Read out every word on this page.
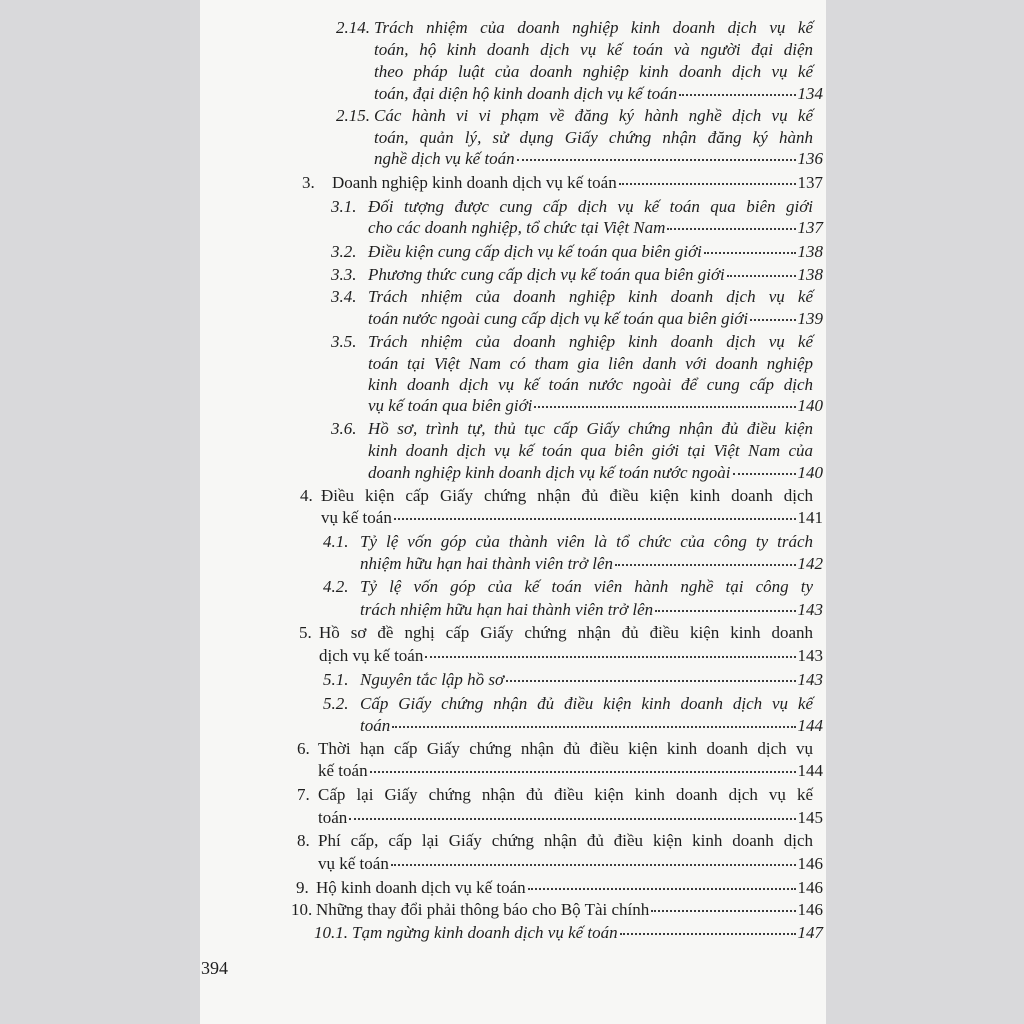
2.14. Trách nhiệm của doanh nghiệp kinh doanh dịch vụ kế
toán, hộ kinh doanh dịch vụ kế toán và người đại diện
theo pháp luật của doanh nghiệp kinh doanh dịch vụ kế
toán, đại diện hộ kinh doanh dịch vụ kế toán	134
2.15. Các hành vi vi phạm về đăng ký hành nghề dịch vụ kế
toán, quản lý, sử dụng Giấy chứng nhận đăng ký hành
nghề dịch vụ kế toán	136
3. Doanh nghiệp kinh doanh dịch vụ kế toán	137
3.1. Đối tượng được cung cấp dịch vụ kế toán qua biên giới
cho các doanh nghiệp, tổ chức tại Việt Nam	137
3.2. Điều kiện cung cấp dịch vụ kế toán qua biên giới	138
3.3. Phương thức cung cấp dịch vụ kế toán qua biên giới	138
3.4. Trách nhiệm của doanh nghiệp kinh doanh dịch vụ kế
toán nước ngoài cung cấp dịch vụ kế toán qua biên giới	139
3.5. Trách nhiệm của doanh nghiệp kinh doanh dịch vụ kế
toán tại Việt Nam có tham gia liên danh với doanh nghiệp
kinh doanh dịch vụ kế toán nước ngoài để cung cấp dịch
vụ kế toán qua biên giới	140
3.6. Hồ sơ, trình tự, thủ tục cấp Giấy chứng nhận đủ điều kiện
kinh doanh dịch vụ kế toán qua biên giới tại Việt Nam của
doanh nghiệp kinh doanh dịch vụ kế toán nước ngoài	140
4. Điều kiện cấp Giấy chứng nhận đủ điều kiện kinh doanh dịch
vụ kế toán	141
4.1. Tỷ lệ vốn góp của thành viên là tổ chức của công ty trách
nhiệm hữu hạn hai thành viên trở lên	142
4.2. Tỷ lệ vốn góp của kế toán viên hành nghề tại công ty
trách nhiệm hữu hạn hai thành viên trở lên	143
5. Hồ sơ đề nghị cấp Giấy chứng nhận đủ điều kiện kinh doanh
dịch vụ kế toán	143
5.1. Nguyên tắc lập hồ sơ	143
5.2. Cấp Giấy chứng nhận đủ điều kiện kinh doanh dịch vụ kế
toán	144
6. Thời hạn cấp Giấy chứng nhận đủ điều kiện kinh doanh dịch vụ
kế toán	144
7. Cấp lại Giấy chứng nhận đủ điều kiện kinh doanh dịch vụ kế
toán	145
8. Phí cấp, cấp lại Giấy chứng nhận đủ điều kiện kinh doanh dịch
vụ kế toán	146
9. Hộ kinh doanh dịch vụ kế toán	146
10. Những thay đổi phải thông báo cho Bộ Tài chính	146
10.1. Tạm ngừng kinh doanh dịch vụ kế toán	147
394
